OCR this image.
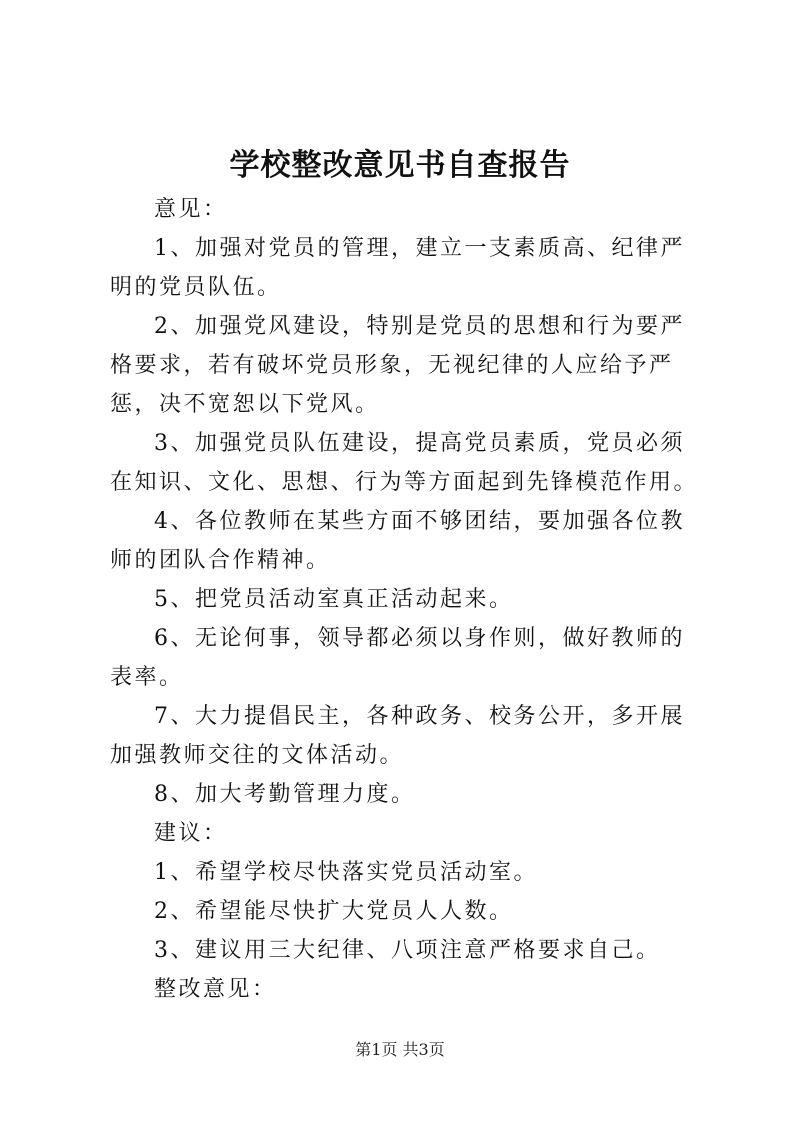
学校整改意见书自查报告

意见：

1、加强对党员的管理，建立一支素质高、纪律严明的党员队伍。

2、加强党风建设，特别是党员的思想和行为要严格要求，若有破坏党员形象，无视纪律的人应给予严惩，决不宽恕以下党风。

3、加强党员队伍建设，提高党员素质，党员必须在知识、文化、思想、行为等方面起到先锋模范作用。

4、各位教师在某些方面不够团结，要加强各位教师的团队合作精神。

5、把党员活动室真正活动起来。

6、无论何事，领导都必须以身作则，做好教师的表率。

7、大力提倡民主，各种政务、校务公开，多开展加强教师交往的文体活动。

8、加大考勤管理力度。

建议：

1、希望学校尽快落实党员活动室。

2、希望能尽快扩大党员人人数。

3、建议用三大纪律、八项注意严格要求自己。

整改意见：

第1页 共3页
